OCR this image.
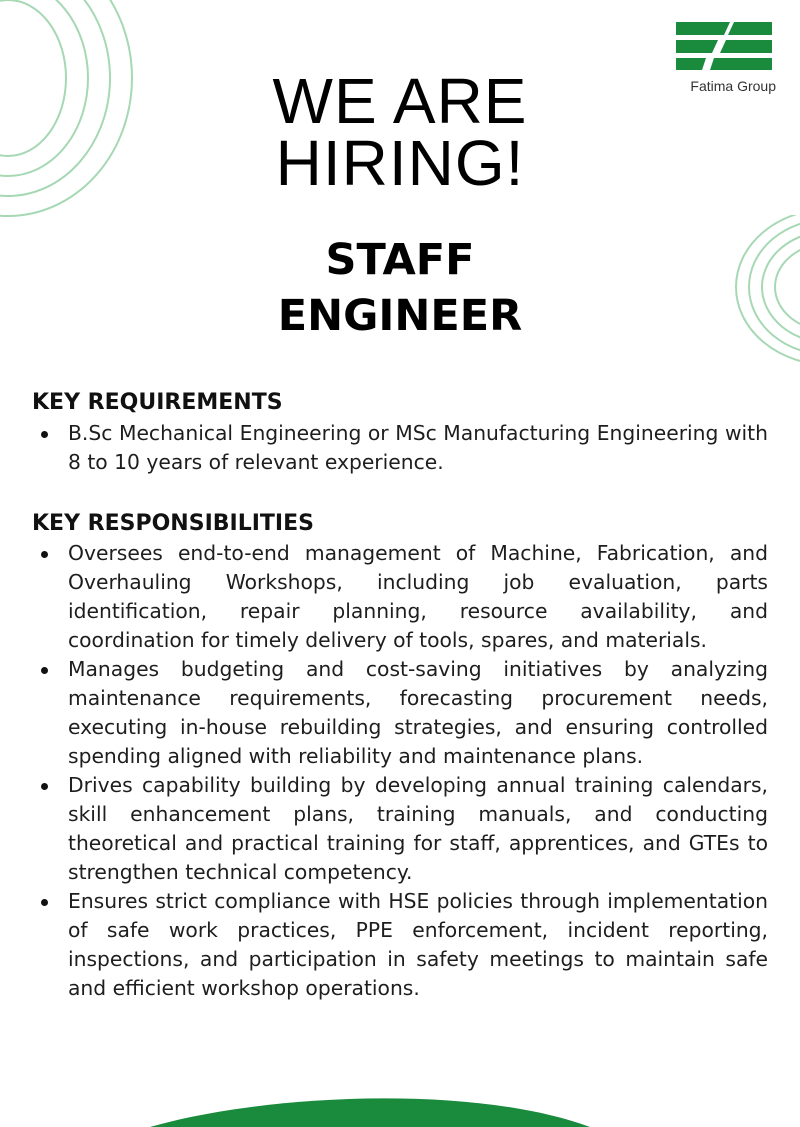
Fatima Group
WE ARE
HIRING!
STAFF
ENGINEER
KEY REQUIREMENTS
B.Sc Mechanical Engineering or MSc Manufacturing Engineering with 8 to 10 years of relevant experience.
KEY RESPONSIBILITIES
Oversees end-to-end management of Machine, Fabrication, and Overhauling Workshops, including job evaluation, parts identification, repair planning, resource availability, and coordination for timely delivery of tools, spares, and materials.
Manages budgeting and cost-saving initiatives by analyzing maintenance requirements, forecasting procurement needs, executing in-house rebuilding strategies, and ensuring controlled spending aligned with reliability and maintenance plans.
Drives capability building by developing annual training calendars, skill enhancement plans, training manuals, and conducting theoretical and practical training for staff, apprentices, and GTEs to strengthen technical competency.
Ensures strict compliance with HSE policies through implementation of safe work practices, PPE enforcement, incident reporting, inspections, and participation in safety meetings to maintain safe and efficient workshop operations.
